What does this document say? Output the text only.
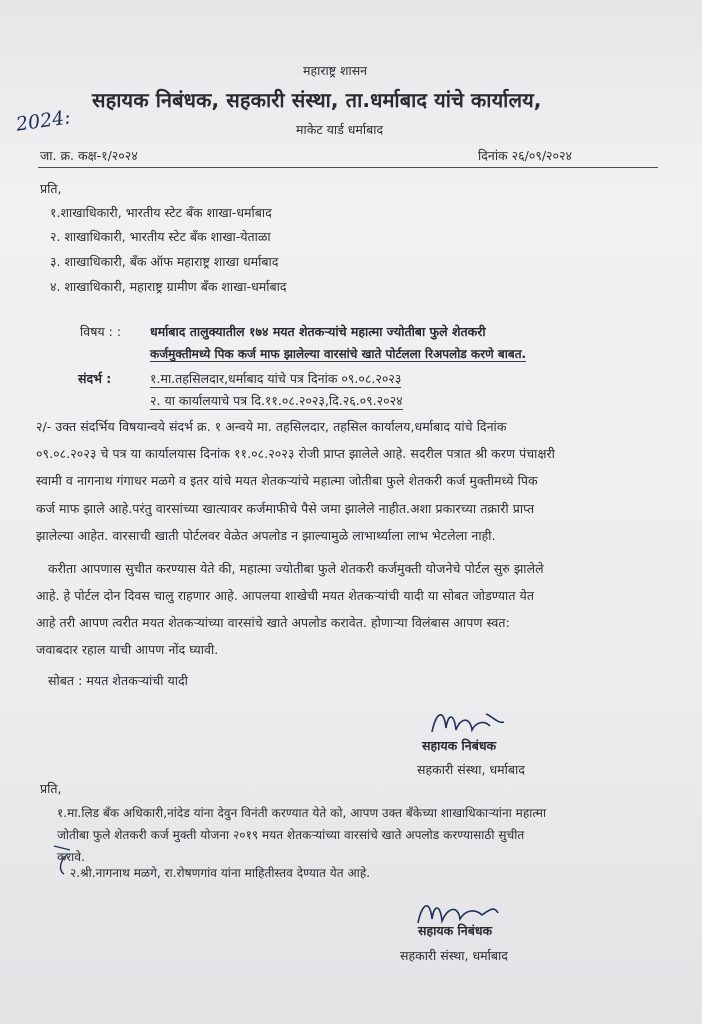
महाराष्ट्र शासन
सहायक निबंधक, सहकारी संस्था, ता.धर्माबाद यांचे कार्यालय,
माकेट यार्ड धर्माबाद
2024:
जा. क्र. कक्ष-१/२०२४	दिनांक २६/०९/२०२४
प्रति,
१.शाखाधिकारी, भारतीय स्टेट बँक शाखा-धर्माबाद
२. शाखाधिकारी, भारतीय स्टेट बँक शाखा-येताळा
३. शाखाधिकारी, बँक ऑफ महाराष्ट्र शाखा धर्माबाद
४. शाखाधिकारी, महाराष्ट्र ग्रामीण बँक शाखा-धर्माबाद
विषय : : धर्माबाद तालुक्यातील १७४ मयत शेतकऱ्यांचे महात्मा ज्योतीबा फुले शेतकरी
कर्जमुक्तीमध्ये पिक कर्ज माफ झालेल्या वारसांचे खाते पोर्टलला रिअपलोड करणे बाबत.
संदर्भ :	१.मा.तहसिलदार,धर्माबाद यांचे पत्र दिनांक ०९.०८.२०२३
२. या कार्यालयाचे पत्र दि.११.०८.२०२३,दि.२६.०९.२०२४
२/- उक्त संदर्भिय विषयान्वये संदर्भ क्र. १ अन्वये मा. तहसिलदार, तहसिल कार्यालय,धर्माबाद यांचे दिनांक
०९.०८.२०२३ चे पत्र या कार्यालयास दिनांक ११.०८.२०२३ रोजी प्राप्त झालेले आहे. सदरील पत्रात श्री करण पंचाक्षरी
स्वामी व नागनाथ गंगाधर मळगे व इतर यांचे मयत शेतकऱ्यांचे महात्मा जोतीबा फुले शेतकरी कर्ज मुक्तीमध्ये पिक
कर्ज माफ झाले आहे.परंतु वारसांच्या खात्यावर कर्जमाफीचे पैसे जमा झालेले नाहीत.अशा प्रकारच्या तक्रारी प्राप्त
झालेल्या आहेत. वारसाची खाती पोर्टलवर वेळेत अपलोड न झाल्यामुळे लाभार्थ्याला लाभ भेटलेला नाही.
करीता आपणास सुचीत करण्यास येते की, महात्मा ज्योतीबा फुले शेतकरी कर्जमुक्ती योजनेचे पोर्टल सुरु झालेले
आहे. हे पोर्टल दोन दिवस चालु राहणार आहे. आपलया शाखेची मयत शेतकऱ्यांची यादी या सोबत जोडण्यात येत
आहे तरी आपण त्वरीत मयत शेतकऱ्यांच्या वारसांचे खाते अपलोड करावेत. होणाऱ्या विलंबास आपण स्वत:
जवाबदार रहाल याची आपण नोंद घ्यावी.
सोबत : मयत शेतकऱ्यांची यादी
सहायक निबंधक
सहकारी संस्था, धर्माबाद
प्रति,
१.मा.लिड बँक अधिकारी,नांदेड यांना देवुन विनंती करण्यात येते को, आपण उक्त बँकेच्या शाखाधिकाऱ्यांना महात्मा
जोतीबा फुले शेतकरी कर्ज मुक्ती योजना २०१९ मयत शेतकऱ्यांच्या वारसांचे खाते अपलोड करण्यासाठी सुचीत
करावे.
२.श्री.नागनाथ मळगे, रा.रोषणगांव यांना माहितीस्तव देण्यात येत आहे.
सहायक निबंधक
सहकारी संस्था, धर्माबाद
